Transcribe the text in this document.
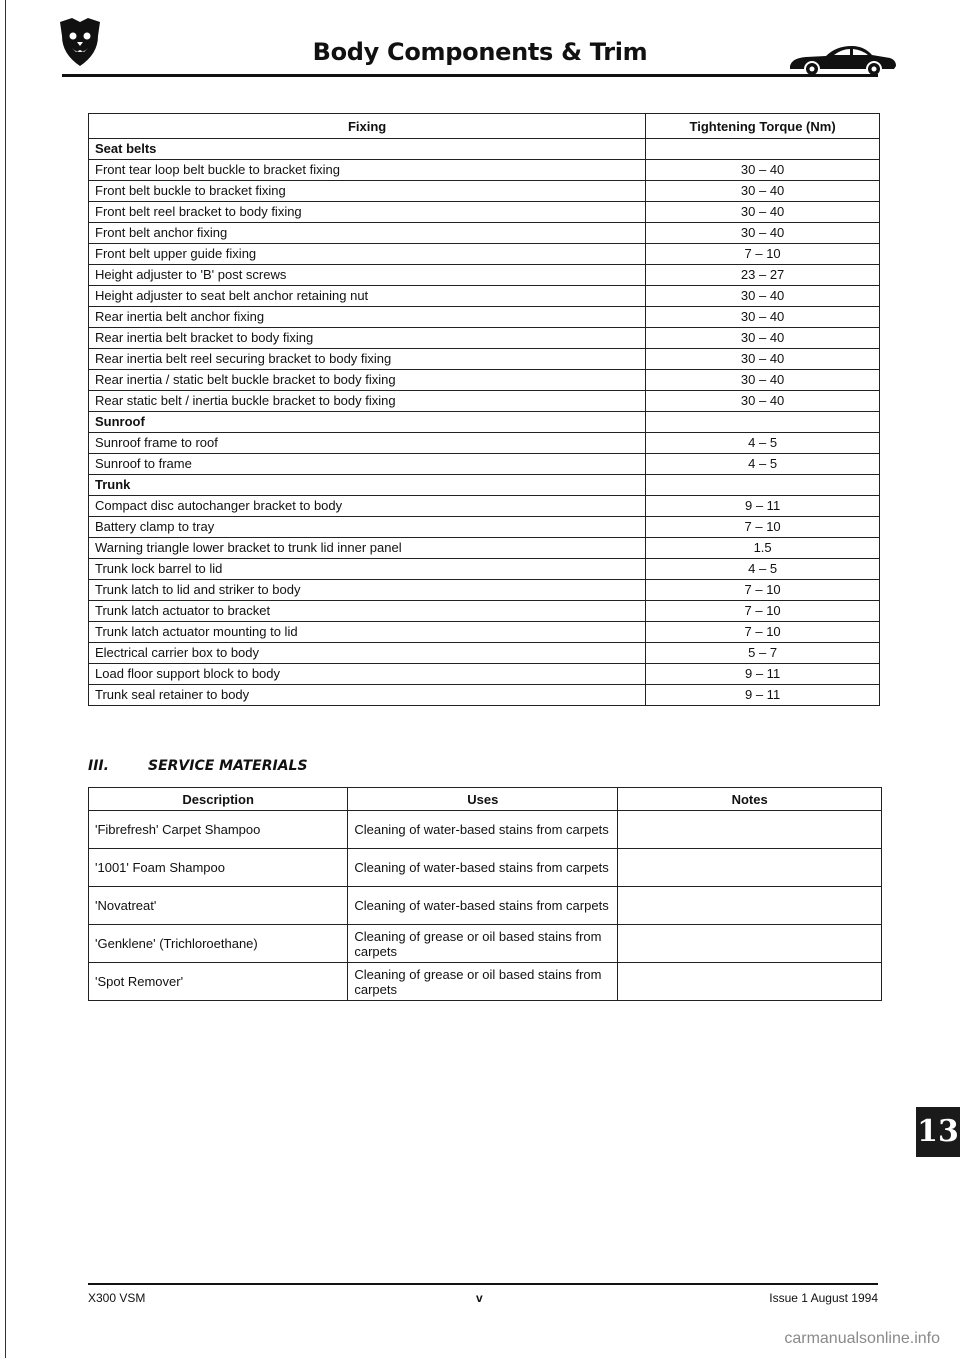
Body Components & Trim
Fixing	Tightening Torque (Nm)
Seat belts	
Front tear loop belt buckle to bracket fixing	30 – 40
Front belt buckle to bracket fixing	30 – 40
Front belt reel bracket to body fixing	30 – 40
Front belt anchor fixing	30 – 40
Front belt upper guide fixing	7 – 10
Height adjuster to 'B' post screws	23 – 27
Height adjuster to seat belt anchor retaining nut	30 – 40
Rear inertia belt anchor fixing	30 – 40
Rear inertia belt bracket to body fixing	30 – 40
Rear inertia belt reel securing bracket to body fixing	30 – 40
Rear inertia / static belt buckle bracket to body fixing	30 – 40
Rear static belt / inertia buckle bracket to body fixing	30 – 40
Sunroof	
Sunroof frame to roof	4 – 5
Sunroof to frame	4 – 5
Trunk	
Compact disc autochanger bracket to body	9 – 11
Battery clamp to tray	7 – 10
Warning triangle lower bracket to trunk lid inner panel	1.5
Trunk lock barrel to lid	4 – 5
Trunk latch to lid and striker to body	7 – 10
Trunk latch actuator to bracket	7 – 10
Trunk latch actuator mounting to lid	7 – 10
Electrical carrier box to body	5 – 7
Load floor support block to body	9 – 11
Trunk seal retainer to body	9 – 11
III.	SERVICE MATERIALS
Description	Uses	Notes
'Fibrefresh' Carpet Shampoo	Cleaning of water-based stains from carpets	
'1001' Foam Shampoo	Cleaning of water-based stains from carpets	
'Novatreat'	Cleaning of water-based stains from carpets	
'Genklene' (Trichloroethane)	Cleaning of grease or oil based stains from carpets	
'Spot Remover'	Cleaning of grease or oil based stains from carpets	
13
X300 VSM	v	Issue 1 August 1994
carmanualsonline.info
